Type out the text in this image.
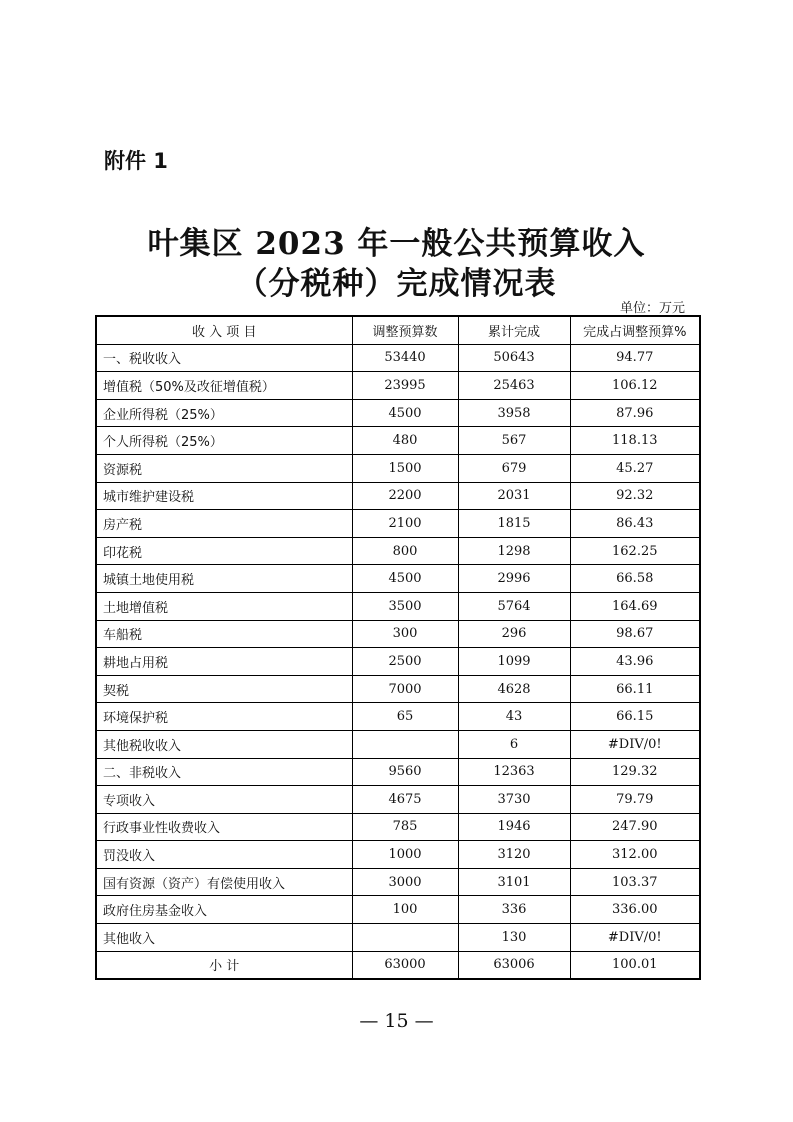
附件 1
叶集区 2023 年一般公共预算收入
（分税种）完成情况表
单位：万元
收 入 项 目	调整预算数	累计完成	完成占调整预算%
一、税收收入	53440	50643	94.77
增值税（50%及改征增值税）	23995	25463	106.12
企业所得税（25%）	4500	3958	87.96
个人所得税（25%）	480	567	118.13
资源税	1500	679	45.27
城市维护建设税	2200	2031	92.32
房产税	2100	1815	86.43
印花税	800	1298	162.25
城镇土地使用税	4500	2996	66.58
土地增值税	3500	5764	164.69
车船税	300	296	98.67
耕地占用税	2500	1099	43.96
契税	7000	4628	66.11
环境保护税	65	43	66.15
其他税收收入		6	#DIV/0!
二、非税收入	9560	12363	129.32
专项收入	4675	3730	79.79
行政事业性收费收入	785	1946	247.90
罚没收入	1000	3120	312.00
国有资源（资产）有偿使用收入	3000	3101	103.37
政府住房基金收入	100	336	336.00
其他收入		130	#DIV/0!
小 计	63000	63006	100.01
— 15 —
